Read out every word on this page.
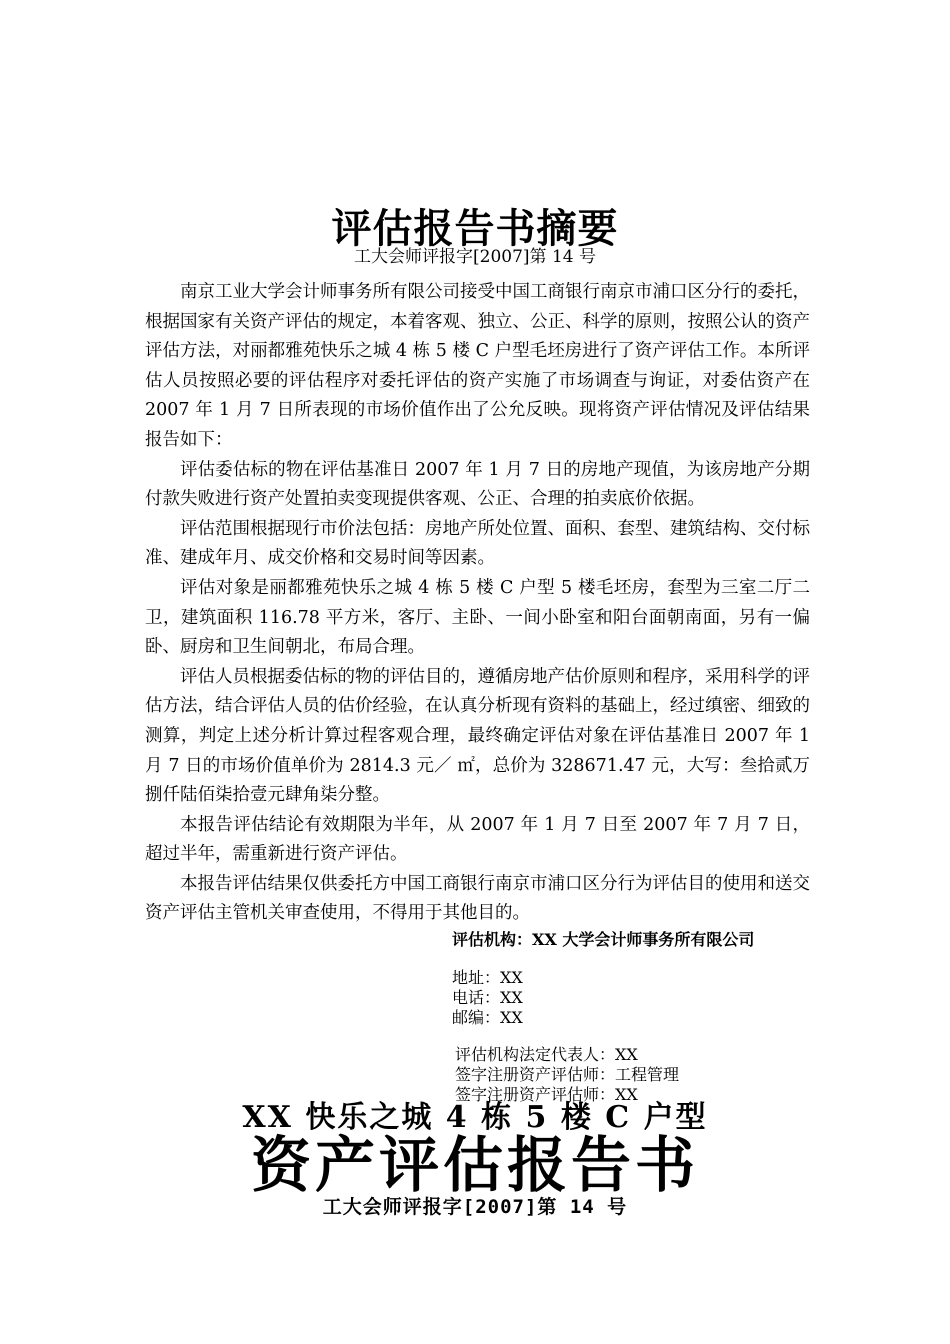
评估报告书摘要
工大会师评报字[2007]第 14 号

南京工业大学会计师事务所有限公司接受中国工商银行南京市浦口区分行的委托，根据国家有关资产评估的规定，本着客观、独立、公正、科学的原则，按照公认的资产评估方法，对丽都雅苑快乐之城 4 栋 5 楼 C 户型毛坯房进行了资产评估工作。本所评估人员按照必要的评估程序对委托评估的资产实施了市场调查与询证，对委估资产在 2007 年 1 月 7 日所表现的市场价值作出了公允反映。现将资产评估情况及评估结果报告如下：

评估委估标的物在评估基准日 2007 年 1 月 7 日的房地产现值，为该房地产分期付款失败进行资产处置拍卖变现提供客观、公正、合理的拍卖底价依据。

评估范围根据现行市价法包括：房地产所处位置、面积、套型、建筑结构、交付标准、建成年月、成交价格和交易时间等因素。

评估对象是丽都雅苑快乐之城 4 栋 5 楼 C 户型 5 楼毛坯房，套型为三室二厅二卫，建筑面积 116.78 平方米，客厅、主卧、一间小卧室和阳台面朝南面，另有一偏卧、厨房和卫生间朝北，布局合理。

评估人员根据委估标的物的评估目的，遵循房地产估价原则和程序，采用科学的评估方法，结合评估人员的估价经验，在认真分析现有资料的基础上，经过缜密、细致的测算，判定上述分析计算过程客观合理，最终确定评估对象在评估基准日 2007 年 1 月 7 日的市场价值单价为 2814.3 元／ ㎡，总价为 328671.47 元，大写：叁拾贰万捌仟陆佰柒拾壹元肆角柒分整。

本报告评估结论有效期限为半年，从 2007 年 1 月 7 日至 2007 年 7 月 7 日，超过半年，需重新进行资产评估。

本报告评估结果仅供委托方中国工商银行南京市浦口区分行为评估目的使用和送交资产评估主管机关审查使用，不得用于其他目的。

评估机构：XX 大学会计师事务所有限公司
地址：XX
电话：XX
邮编：XX
评估机构法定代表人：XX
签字注册资产评估师：工程管理
签字注册资产评估师：XX
XX 快乐之城 4 栋 5 楼 C 户型
资产评估报告书
工大会师评报字[2007]第 14 号
